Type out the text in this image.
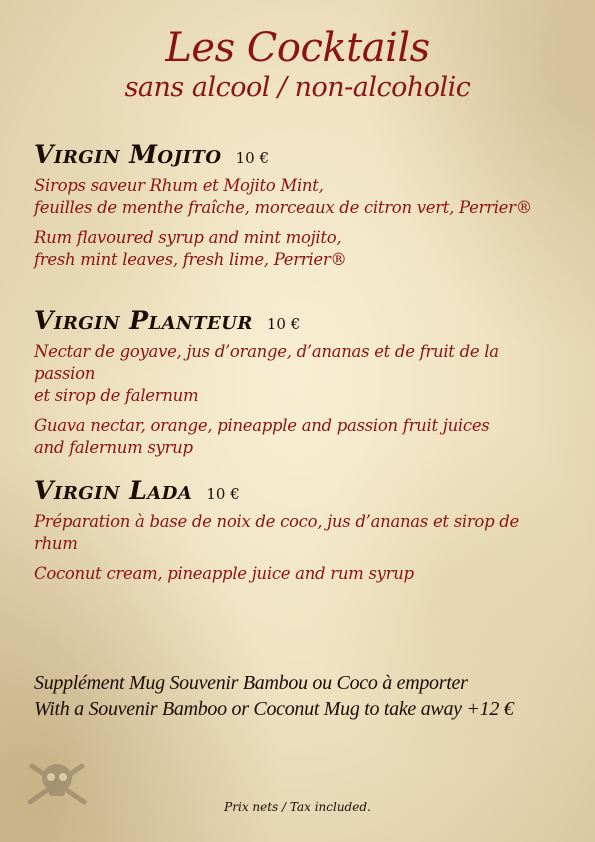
Les Cocktails
sans alcool / non-alcoholic
Virgin Mojito 10 €
Sirops saveur Rhum et Mojito Mint,
feuilles de menthe fraîche, morceaux de citron vert, Perrier®
Rum flavoured syrup and mint mojito,
fresh mint leaves, fresh lime, Perrier®
Virgin Planteur 10 €
Nectar de goyave, jus d’orange, d’ananas et de fruit de la passion
et sirop de falernum
Guava nectar, orange, pineapple and passion fruit juices
and falernum syrup
Virgin Lada 10 €
Préparation à base de noix de coco, jus d’ananas et sirop de rhum
Coconut cream, pineapple juice and rum syrup
Supplément Mug Souvenir Bambou ou Coco à emporter
With a Souvenir Bamboo or Coconut Mug to take away +12 €
Prix nets / Tax included.
